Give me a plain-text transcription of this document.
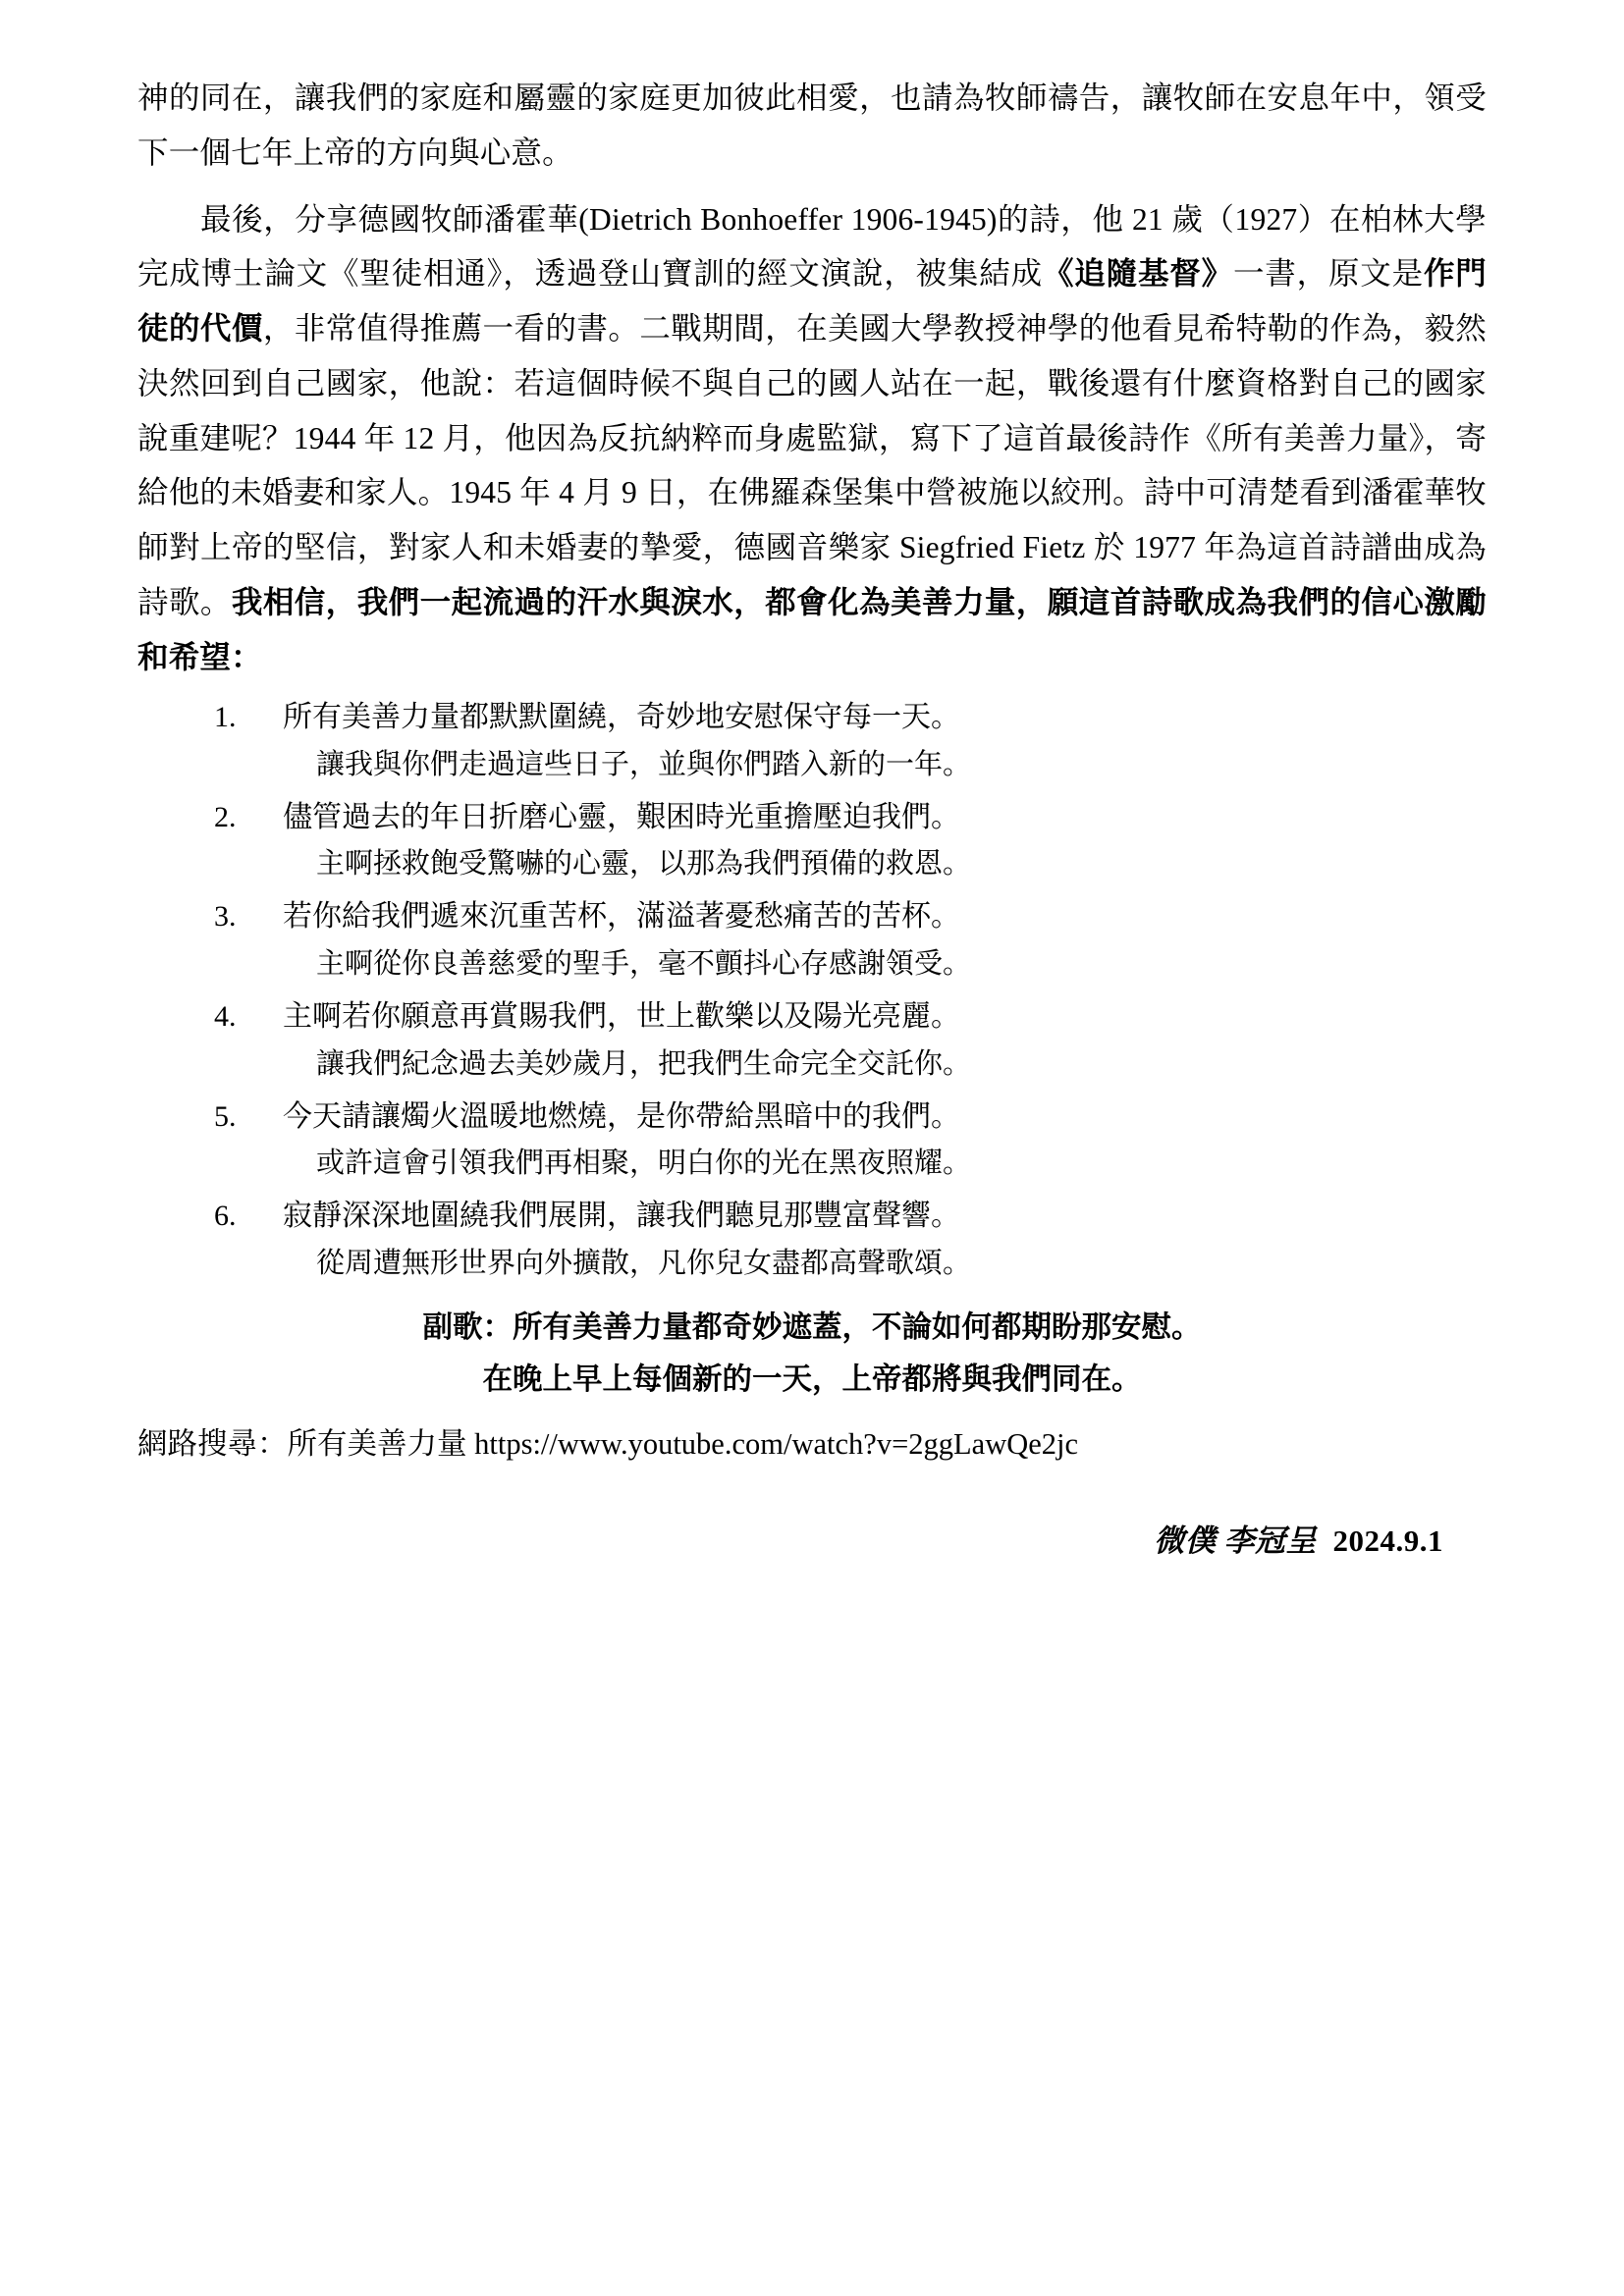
神的同在，讓我們的家庭和屬靈的家庭更加彼此相愛，也請為牧師禱告，讓牧師在安息年中，領受下一個七年上帝的方向與心意。

最後，分享德國牧師潘霍華(Dietrich Bonhoeffer 1906-1945)的詩，他 21 歲（1927）在柏林大學完成博士論文《聖徒相通》，透過登山寶訓的經文演說，被集結成《追隨基督》一書，原文是作門徒的代價，非常值得推薦一看的書。二戰期間，在美國大學教授神學的他看見希特勒的作為，毅然決然回到自己國家，他說：若這個時候不與自己的國人站在一起，戰後還有什麼資格對自己的國家說重建呢？1944 年 12 月，他因為反抗納粹而身處監獄，寫下了這首最後詩作《所有美善力量》，寄給他的未婚妻和家人。1945 年 4 月 9 日，在佛羅森堡集中營被施以絞刑。詩中可清楚看到潘霍華牧師對上帝的堅信，對家人和未婚妻的摯愛，德國音樂家 Siegfried Fietz 於 1977 年為這首詩譜曲成為詩歌。我相信，我們一起流過的汗水與淚水，都會化為美善力量，願這首詩歌成為我們的信心激勵和希望：

1. 所有美善力量都默默圍繞，奇妙地安慰保守每一天。
讓我與你們走過這些日子，並與你們踏入新的一年。
2. 儘管過去的年日折磨心靈，艱困時光重擔壓迫我們。
主啊拯救飽受驚嚇的心靈，以那為我們預備的救恩。
3. 若你給我們遞來沉重苦杯，滿溢著憂愁痛苦的苦杯。
主啊從你良善慈愛的聖手，毫不顫抖心存感謝領受。
4. 主啊若你願意再賞賜我們，世上歡樂以及陽光亮麗。
讓我們紀念過去美妙歲月，把我們生命完全交託你。
5. 今天請讓燭火溫暖地燃燒，是你帶給黑暗中的我們。
或許這會引領我們再相聚，明白你的光在黑夜照耀。
6. 寂靜深深地圍繞我們展開，讓我們聽見那豐富聲響。
從周遭無形世界向外擴散，凡你兒女盡都高聲歌頌。
副歌：所有美善力量都奇妙遮蓋，不論如何都期盼那安慰。
在晚上早上每個新的一天，上帝都將與我們同在。
網路搜尋：所有美善力量 https://www.youtube.com/watch?v=2ggLawQe2jc
微僕 李冠呈 2024.9.1
